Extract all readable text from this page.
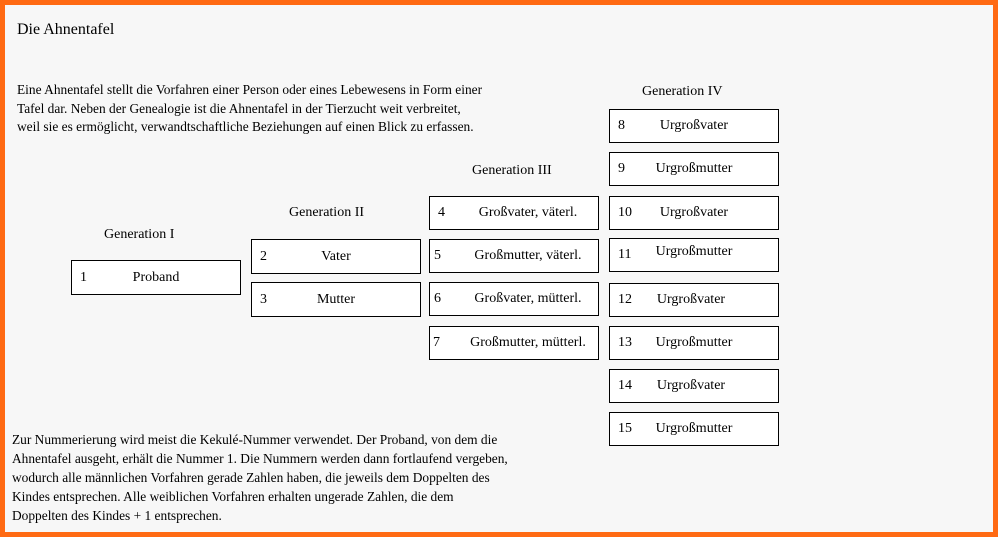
Die Ahnentafel
Eine Ahnentafel stellt die Vorfahren einer Person oder eines Lebewesens in Form einer
Tafel dar. Neben der Genealogie ist die Ahnentafel in der Tierzucht weit verbreitet,
weil sie es ermöglicht, verwandtschaftliche Beziehungen auf einen Blick zu erfassen.
Generation I
Generation II
Generation III
Generation IV
1	Proband
2	Vater
3	Mutter
4	Großvater, väterl.
5	Großmutter, väterl.
6	Großvater, mütterl.
7	Großmutter, mütterl.
8	Urgroßvater
9	Urgroßmutter
10	Urgroßvater
11	Urgroßmutter
12	Urgroßvater
13	Urgroßmutter
14	Urgroßvater
15	Urgroßmutter
Zur Nummerierung wird meist die Kekulé-Nummer verwendet. Der Proband, von dem die
Ahnentafel ausgeht, erhält die Nummer 1. Die Nummern werden dann fortlaufend vergeben,
wodurch alle männlichen Vorfahren gerade Zahlen haben, die jeweils dem Doppelten des
Kindes entsprechen. Alle weiblichen Vorfahren erhalten ungerade Zahlen, die dem
Doppelten des Kindes + 1 entsprechen.
